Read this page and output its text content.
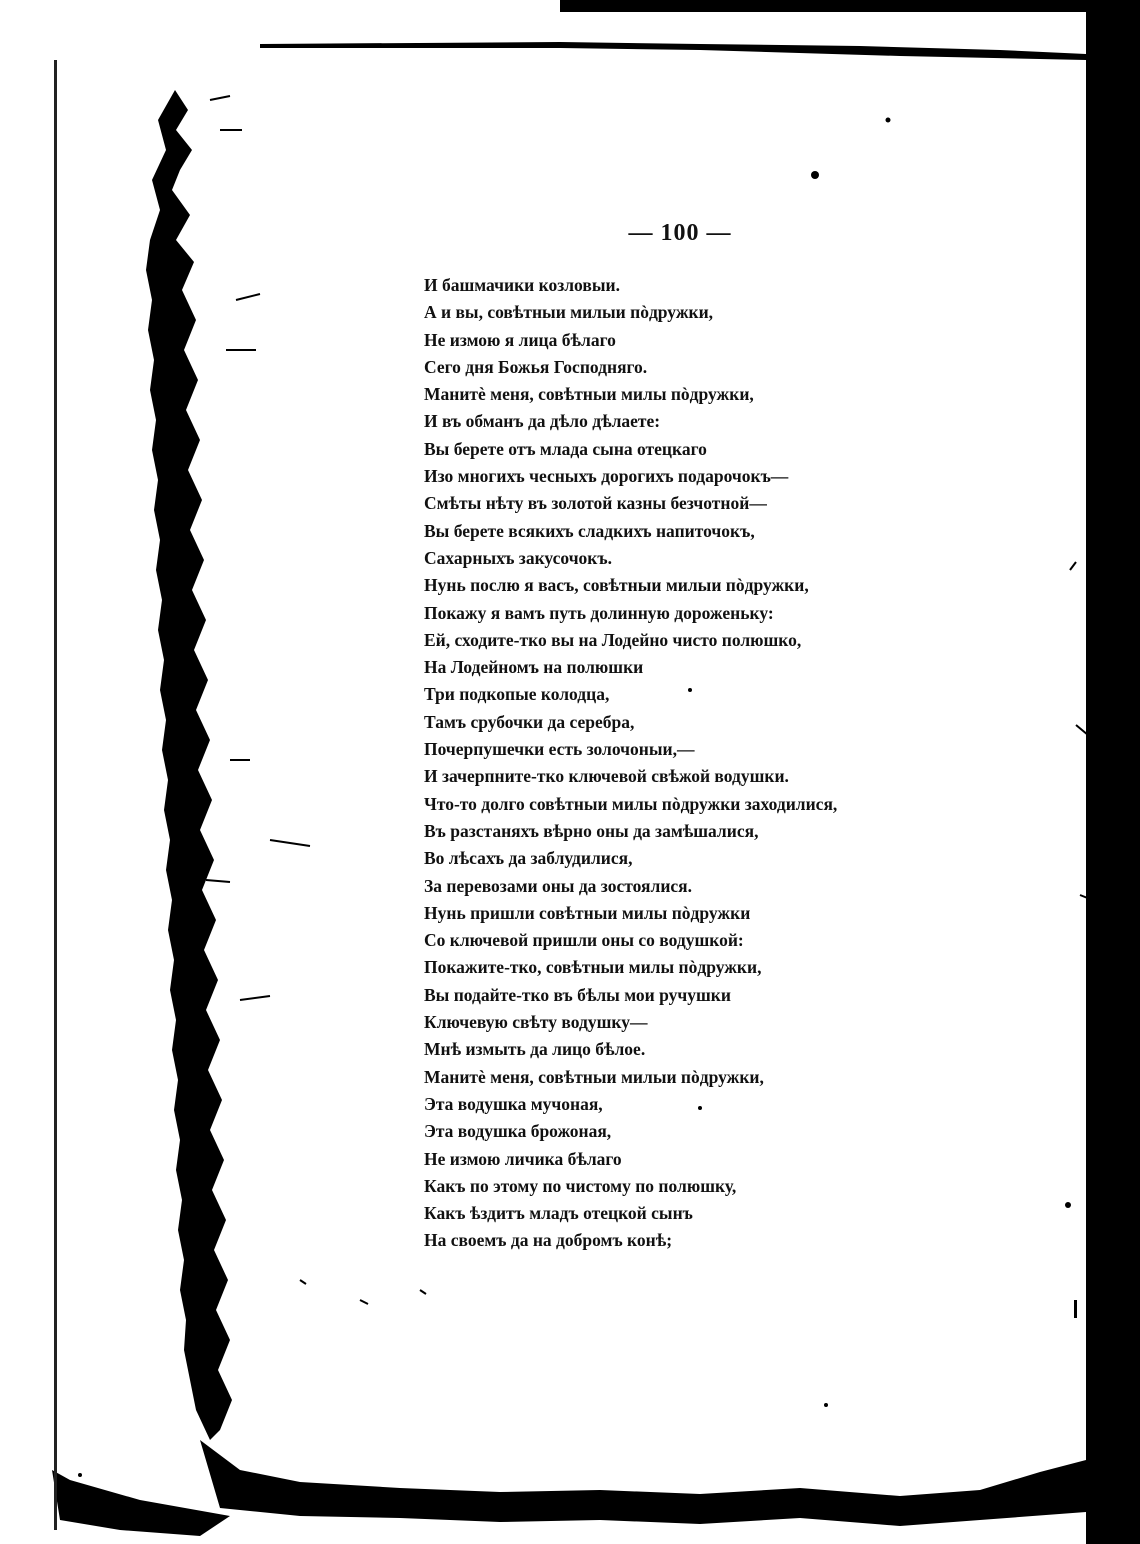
— 100 —
И башмачики козловыи.
А и вы, совѣтныи милыи пòдружки,
Не измою я лица бѣлаго
Сего дня Божья Господняго.
Манитѐ меня, совѣтныи милы пòдружки,
И въ обманъ да дѣло дѣлаете:
Вы берете отъ млада сына отецкаго
Изо многихъ чесныхъ дорогихъ подарочокъ—
Смѣты нѣту въ золотой казны безчотной—
Вы берете всякихъ сладкихъ напиточокъ,
Сахарныхъ закусочокъ.
Нунь послю я васъ, совѣтныи милыи пòдружки,
Покажу я вамъ путь долинную дороженьку:
Ей, сходите-тко вы на Лодейно чисто полюшко,
На Лодейномъ на полюшки
Три подкопые колодца,
Тамъ срубочки да серебра,
Почерпушечки есть золочоныи,—
И зачерпните-тко ключевой свѣжой водушки.
Что-то долго совѣтныи милы пòдружки заходилися,
Въ разстаняхъ вѣрно оны да замѣшалися,
Во лѣсахъ да заблудилися,
За перевозами оны да зостоялися.
Нунь пришли совѣтныи милы пòдружки
Со ключевой пришли оны со водушкой:
Покажите-тко, совѣтныи милы пòдружки,
Вы подайте-тко въ бѣлы мои ручушки
Ключевую свѣту водушку—
Мнѣ измыть да лицо бѣлое.
Манитѐ меня, совѣтныи милыи пòдружки,
Эта водушка мучоная,
Эта водушка брожоная,
Не измою личика бѣлаго
Какъ по этому по чистому по полюшку,
Какъ ѣздитъ младъ отецкой сынъ
На своемъ да на добромъ конѣ;
